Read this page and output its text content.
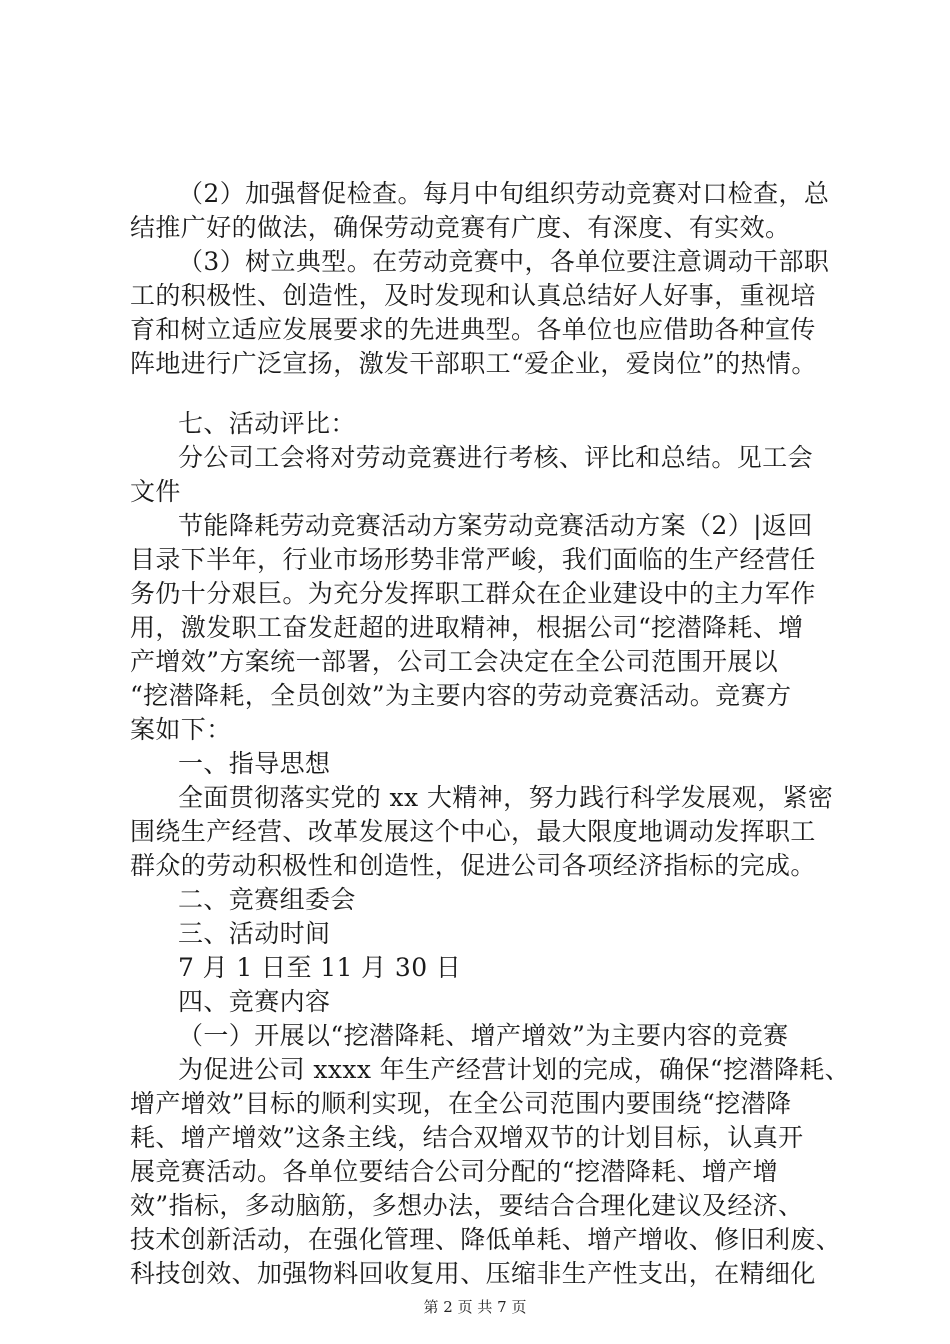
（2）加强督促检查。每月中旬组织劳动竞赛对口检查，总
结推广好的做法，确保劳动竞赛有广度、有深度、有实效。
（3）树立典型。在劳动竞赛中，各单位要注意调动干部职
工的积极性、创造性，及时发现和认真总结好人好事，重视培
育和树立适应发展要求的先进典型。各单位也应借助各种宣传
阵地进行广泛宣扬，激发干部职工“爱企业，爱岗位”的热情。
七、活动评比：
分公司工会将对劳动竞赛进行考核、评比和总结。见工会
文件
节能降耗劳动竞赛活动方案劳动竞赛活动方案（2）|返回
目录下半年，行业市场形势非常严峻，我们面临的生产经营任
务仍十分艰巨。为充分发挥职工群众在企业建设中的主力军作
用，激发职工奋发赶超的进取精神，根据公司“挖潜降耗、增
产增效”方案统一部署，公司工会决定在全公司范围开展以
“挖潜降耗，全员创效”为主要内容的劳动竞赛活动。竞赛方
案如下：
一、指导思想
全面贯彻落实党的 xx 大精神，努力践行科学发展观，紧密
围绕生产经营、改革发展这个中心，最大限度地调动发挥职工
群众的劳动积极性和创造性，促进公司各项经济指标的完成。
二、竞赛组委会
三、活动时间
7 月 1 日至 11 月 30 日
四、竞赛内容
（一）开展以“挖潜降耗、增产增效”为主要内容的竞赛
为促进公司 xxxx 年生产经营计划的完成，确保“挖潜降耗、
增产增效”目标的顺利实现，在全公司范围内要围绕“挖潜降
耗、增产增效”这条主线，结合双增双节的计划目标，认真开
展竞赛活动。各单位要结合公司分配的“挖潜降耗、增产增
效”指标，多动脑筋，多想办法，要结合合理化建议及经济、
技术创新活动，在强化管理、降低单耗、增产增收、修旧利废、
科技创效、加强物料回收复用、压缩非生产性支出，在精细化
第 2 页 共 7 页
